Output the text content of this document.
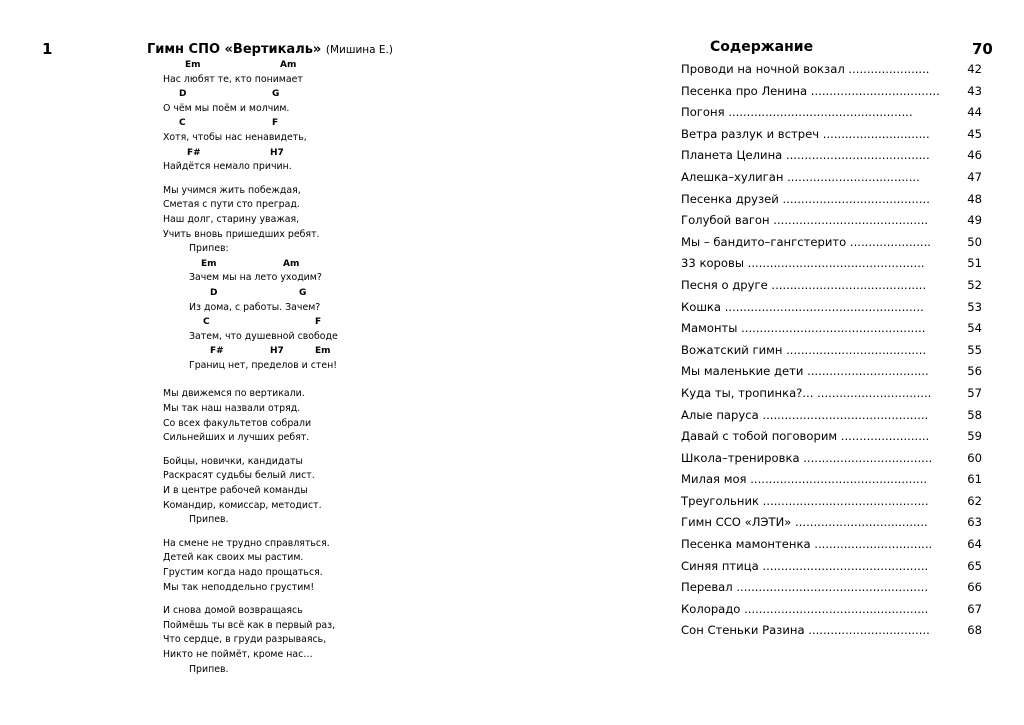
1	Гимн СПО «Вертикаль» (Мишина Е.)
Em	Am
Нас любят те, кто понимает
D	G
О чём мы поём и молчим.
C	F
Хотя, чтобы нас ненавидеть,
F#	H7
Найдётся немало причин.
Мы учимся жить побеждая,
Сметая с пути сто преград.
Наш долг, старину уважая,
Учить вновь пришедших ребят.
Припев:
Em	Am
Зачем мы на лето уходим?
D	G
Из дома, с работы. Зачем?
C	F
Затем, что душевной свободе
F#	H7	Em
Границ нет, пределов и стен!
Мы движемся по вертикали.
Мы так наш назвали отряд.
Со всех факультетов собрали
Сильнейших и лучших ребят.
Бойцы, новички, кандидаты
Раскрасят судьбы белый лист.
И в центре рабочей команды
Командир, комиссар, методист.
Припев.
На смене не трудно справляться.
Детей как своих мы растим.
Грустим когда надо прощаться.
Мы так неподдельно грустим!
И снова домой возвращаясь
Поймёшь ты всё как в первый раз,
Что сердце, в груди разрываясь,
Никто не поймёт, кроме нас…
Припев.
Содержание	70
Проводи на ночной вокзал ......................	42
Песенка про Ленина ................................... 43
Погоня ..................................................	44
Ветра разлук и встреч .............................	45
Планета Целина .......................................	46
Алешка–хулиган ....................................	47
Песенка друзей ........................................	48
Голубой вагон ..........................................	49
Мы – бандито–гангстерито ......................	50
33 коровы ................................................	51
Песня о друге ..........................................	52
Кошка ......................................................	53
Мамонты ..................................................	54
Вожатский гимн ......................................	55
Мы маленькие дети .................................	56
Куда ты, тропинка?... ...............................	57
Алые паруса .............................................	58
Давай с тобой поговорим ........................	59
Школа–тренировка ...................................	60
Милая моя ................................................	61
Треугольник .............................................	62
Гимн ССО «ЛЭТИ» ....................................	63
Песенка мамонтенка ................................	64
Синяя птица .............................................	65
Перевал ....................................................	66
Колорадо ..................................................	67
Сон Стеньки Разина .................................	68
